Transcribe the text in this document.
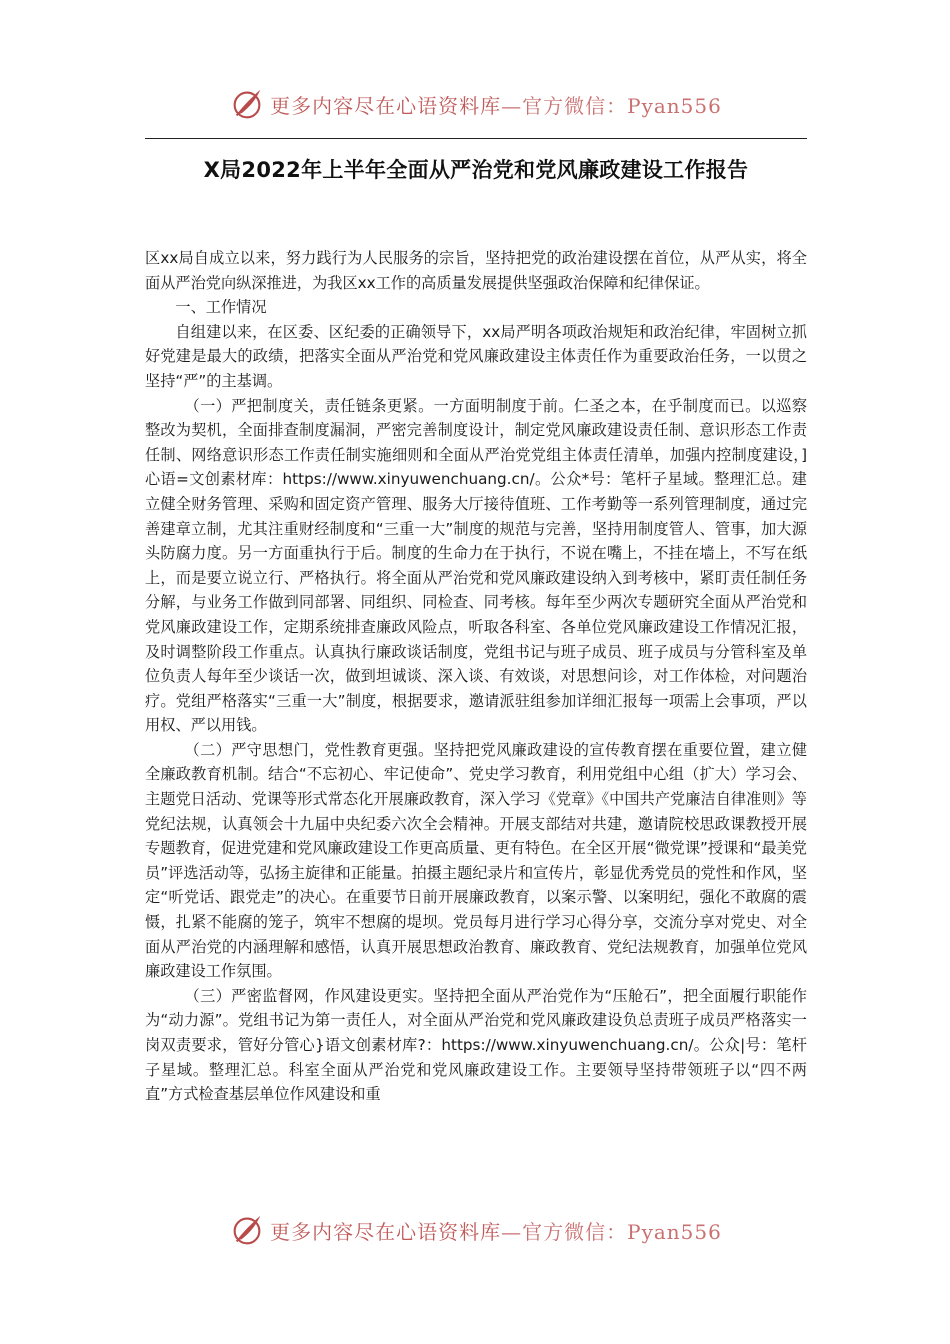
更多内容尽在心语资料库—官方微信：Pyan556
X局2022年上半年全面从严治党和党风廉政建设工作报告

区xx局自成立以来，努力践行为人民服务的宗旨，坚持把党的政治建设摆在首位，从严从实，将全面从严治党向纵深推进，为我区xx工作的高质量发展提供坚强政治保障和纪律保证。

一、工作情况

自组建以来，在区委、区纪委的正确领导下，xx局严明各项政治规矩和政治纪律，牢固树立抓好党建是最大的政绩，把落实全面从严治党和党风廉政建设主体责任作为重要政治任务，一以贯之坚持“严”的主基调。

（一）严把制度关，责任链条更紧。一方面明制度于前。仁圣之本，在乎制度而已。以巡察整改为契机，全面排查制度漏洞，严密完善制度设计，制定党风廉政建设责任制、意识形态工作责任制、网络意识形态工作责任制实施细则和全面从严治党党组主体责任清单，加强内控制度建设，]心语=文创素材库：https://www.xinyuwenchuang.cn/。公众*号：笔杆子星域。整理汇总。建立健全财务管理、采购和固定资产管理、服务大厅接待值班、工作考勤等一系列管理制度，通过完善建章立制，尤其注重财经制度和“三重一大”制度的规范与完善，坚持用制度管人、管事，加大源头防腐力度。另一方面重执行于后。制度的生命力在于执行，不说在嘴上，不挂在墙上，不写在纸上，而是要立说立行、严格执行。将全面从严治党和党风廉政建设纳入到考核中，紧盯责任制任务分解，与业务工作做到同部署、同组织、同检查、同考核。每年至少两次专题研究全面从严治党和党风廉政建设工作，定期系统排查廉政风险点，听取各科室、各单位党风廉政建设工作情况汇报，及时调整阶段工作重点。认真执行廉政谈话制度，党组书记与班子成员、班子成员与分管科室及单位负责人每年至少谈话一次，做到坦诚谈、深入谈、有效谈，对思想问诊，对工作体检，对问题治疗。党组严格落实“三重一大”制度，根据要求，邀请派驻组参加详细汇报每一项需上会事项，严以用权、严以用钱。

（二）严守思想门，党性教育更强。坚持把党风廉政建设的宣传教育摆在重要位置，建立健全廉政教育机制。结合“不忘初心、牢记使命”、党史学习教育，利用党组中心组（扩大）学习会、主题党日活动、党课等形式常态化开展廉政教育，深入学习《党章》《中国共产党廉洁自律准则》等党纪法规，认真领会十九届中央纪委六次全会精神。开展支部结对共建，邀请院校思政课教授开展专题教育，促进党建和党风廉政建设工作更高质量、更有特色。在全区开展“微党课”授课和“最美党员”评选活动等，弘扬主旋律和正能量。拍摄主题纪录片和宣传片，彰显优秀党员的党性和作风，坚定“听党话、跟党走”的决心。在重要节日前开展廉政教育，以案示警、以案明纪，强化不敢腐的震慑，扎紧不能腐的笼子，筑牢不想腐的堤坝。党员每月进行学习心得分享，交流分享对党史、对全面从严治党的内涵理解和感悟，认真开展思想政治教育、廉政教育、党纪法规教育，加强单位党风廉政建设工作氛围。

（三）严密监督网，作风建设更实。坚持把全面从严治党作为“压舱石”，把全面履行职能作为“动力源”。党组书记为第一责任人，对全面从严治党和党风廉政建设负总责班子成员严格落实一岗双责要求，管好分管心}语文创素材库?：https://www.xinyuwenchuang.cn/。公众|号：笔杆子星域。整理汇总。科室全面从严治党和党风廉政建设工作。主要领导坚持带领班子以“四不两直”方式检查基层单位作风建设和重

更多内容尽在心语资料库—官方微信：Pyan556
